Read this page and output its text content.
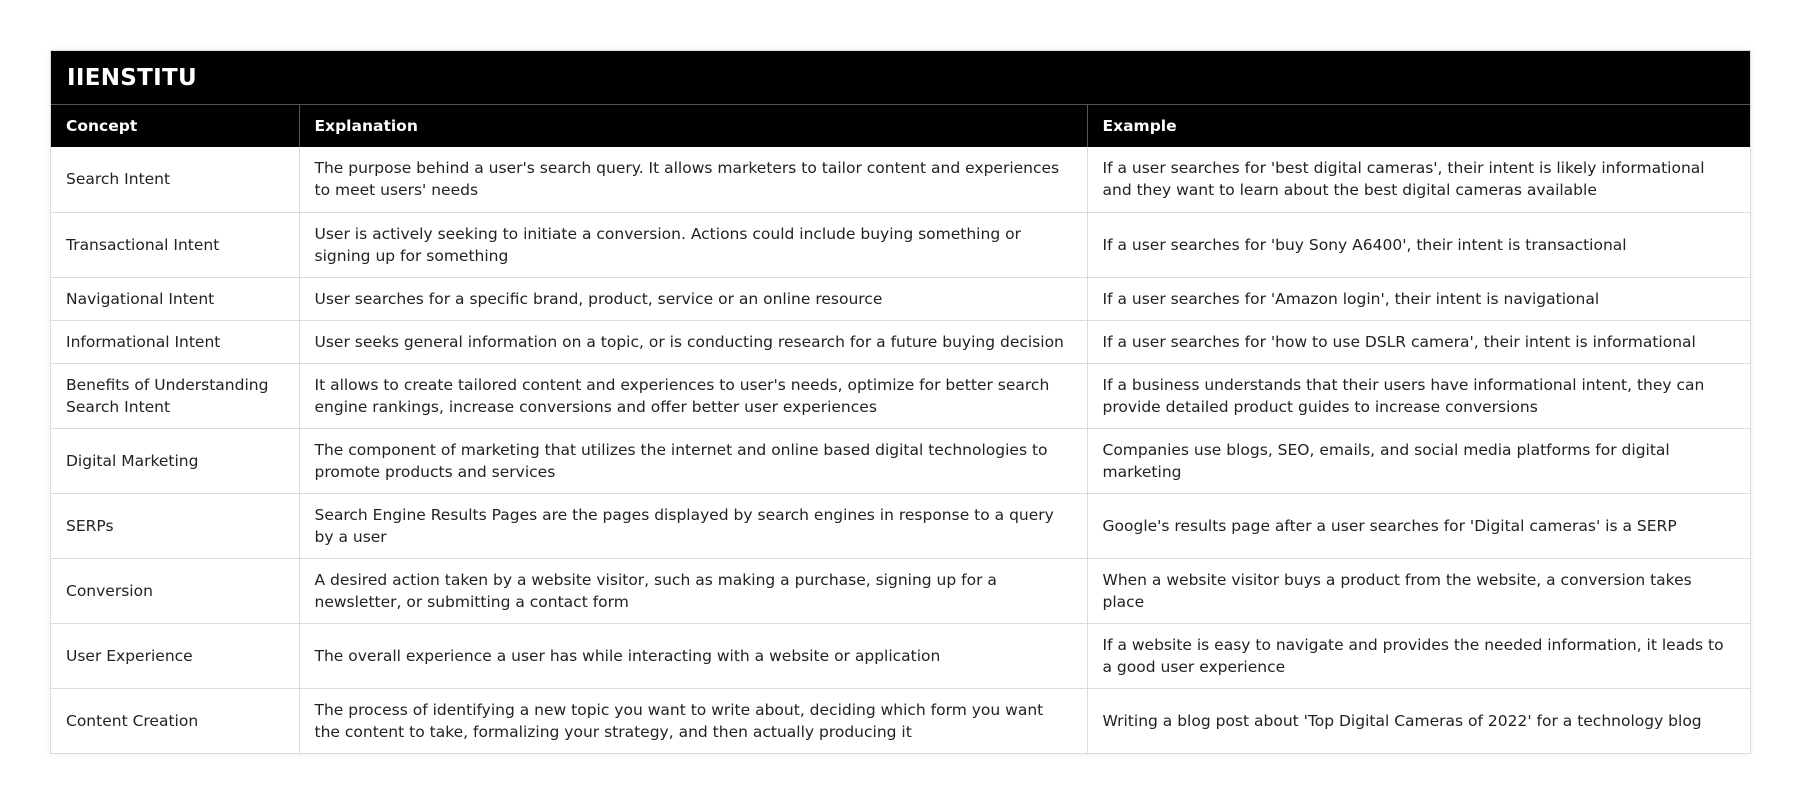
IIENSTITU
Concept	Explanation	Example
Search Intent	The purpose behind a user's search query. It allows marketers to tailor content and experiences to meet users' needs	If a user searches for 'best digital cameras', their intent is likely informational and they want to learn about the best digital cameras available
Transactional Intent	User is actively seeking to initiate a conversion. Actions could include buying something or signing up for something	If a user searches for 'buy Sony A6400', their intent is transactional
Navigational Intent	User searches for a specific brand, product, service or an online resource	If a user searches for 'Amazon login', their intent is navigational
Informational Intent	User seeks general information on a topic, or is conducting research for a future buying decision	If a user searches for 'how to use DSLR camera', their intent is informational
Benefits of Understanding Search Intent	It allows to create tailored content and experiences to user's needs, optimize for better search engine rankings, increase conversions and offer better user experiences	If a business understands that their users have informational intent, they can provide detailed product guides to increase conversions
Digital Marketing	The component of marketing that utilizes the internet and online based digital technologies to promote products and services	Companies use blogs, SEO, emails, and social media platforms for digital marketing
SERPs	Search Engine Results Pages are the pages displayed by search engines in response to a query by a user	Google's results page after a user searches for 'Digital cameras' is a SERP
Conversion	A desired action taken by a website visitor, such as making a purchase, signing up for a newsletter, or submitting a contact form	When a website visitor buys a product from the website, a conversion takes place
User Experience	The overall experience a user has while interacting with a website or application	If a website is easy to navigate and provides the needed information, it leads to a good user experience
Content Creation	The process of identifying a new topic you want to write about, deciding which form you want the content to take, formalizing your strategy, and then actually producing it	Writing a blog post about 'Top Digital Cameras of 2022' for a technology blog
